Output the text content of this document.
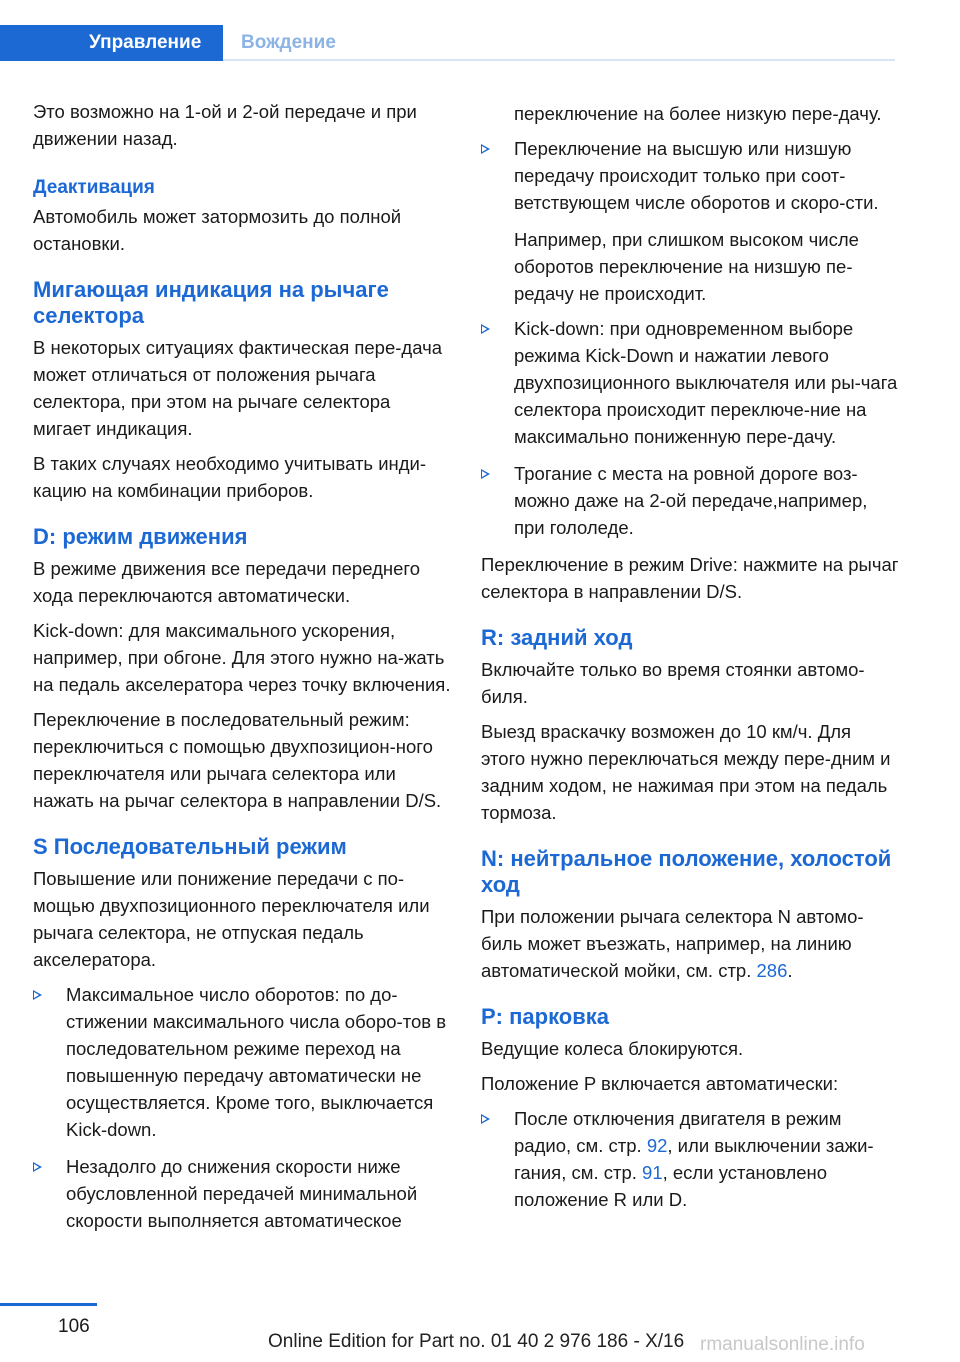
Управление	Вождение

Это возможно на 1-ой и 2-ой передаче и при движении назад.

Деактивация

Автомобиль может затормозить до полной остановки.

Мигающая индикация на рычаге селектора

В некоторых ситуациях фактическая пере‐дача может отличаться от положения рычага селектора, при этом на рычаге селектора мигает индикация.

В таких случаях необходимо учитывать инди‐кацию на комбинации приборов.

D: режим движения

В режиме движения все передачи переднего хода переключаются автоматически.

Kick-down: для максимального ускорения, например, при обгоне. Для этого нужно на‐жать на педаль акселератора через точку включения.

Переключение в последовательный режим: переключиться с помощью двухпозицион‐ного переключателя или рычага селектора или нажать на рычаг селектора в направлении D/S.

S Последовательный режим

Повышение или понижение передачи с по‐мощью двухпозиционного переключателя или рычага селектора, не отпуская педаль акселератора.

Максимальное число оборотов: по до‐стижении максимального числа оборо‐тов в последовательном режиме переход на повышенную передачу автоматически не осуществляется. Кроме того, выключается Kick-down.
Незадолго до снижения скорости ниже обусловленной передачей минимальной скорости выполняется автоматическое

переключение на более низкую пере‐дачу.

Переключение на высшую или низшую передачу происходит только при соот‐ветствующем числе оборотов и скоро‐сти.

Например, при слишком высоком числе оборотов переключение на низшую пе‐редачу не происходит.

Kick-down: при одновременном выборе режима Kick-Down и нажатии левого двухпозиционного выключателя или ры‐чага селектора происходит переключе‐ние на максимально пониженную пере‐дачу.
Трогание с места на ровной дороге воз‐можно даже на 2-ой передаче,например, при гололеде.

Переключение в режим Drive: нажмите на рычаг селектора в направлении D/S.

R: задний ход

Включайте только во время стоянки автомо‐биля.

Выезд враскачку возможен до 10 км/ч. Для этого нужно переключаться между пере‐дним и задним ходом, не нажимая при этом на педаль тормоза.

N: нейтральное положение, холостой ход

При положении рычага селектора N автомо‐биль может въезжать, например, на линию автоматической мойки, см. стр. 286.

P: парковка

Ведущие колеса блокируются.

Положение P включается автоматически:

После отключения двигателя в режим радио, см. стр. 92, или выключении зажи‐гания, см. стр. 91, если установлено положение R или D.
106
Online Edition for Part no. 01 40 2 976 186 - X/16 rmanualsonline.info
